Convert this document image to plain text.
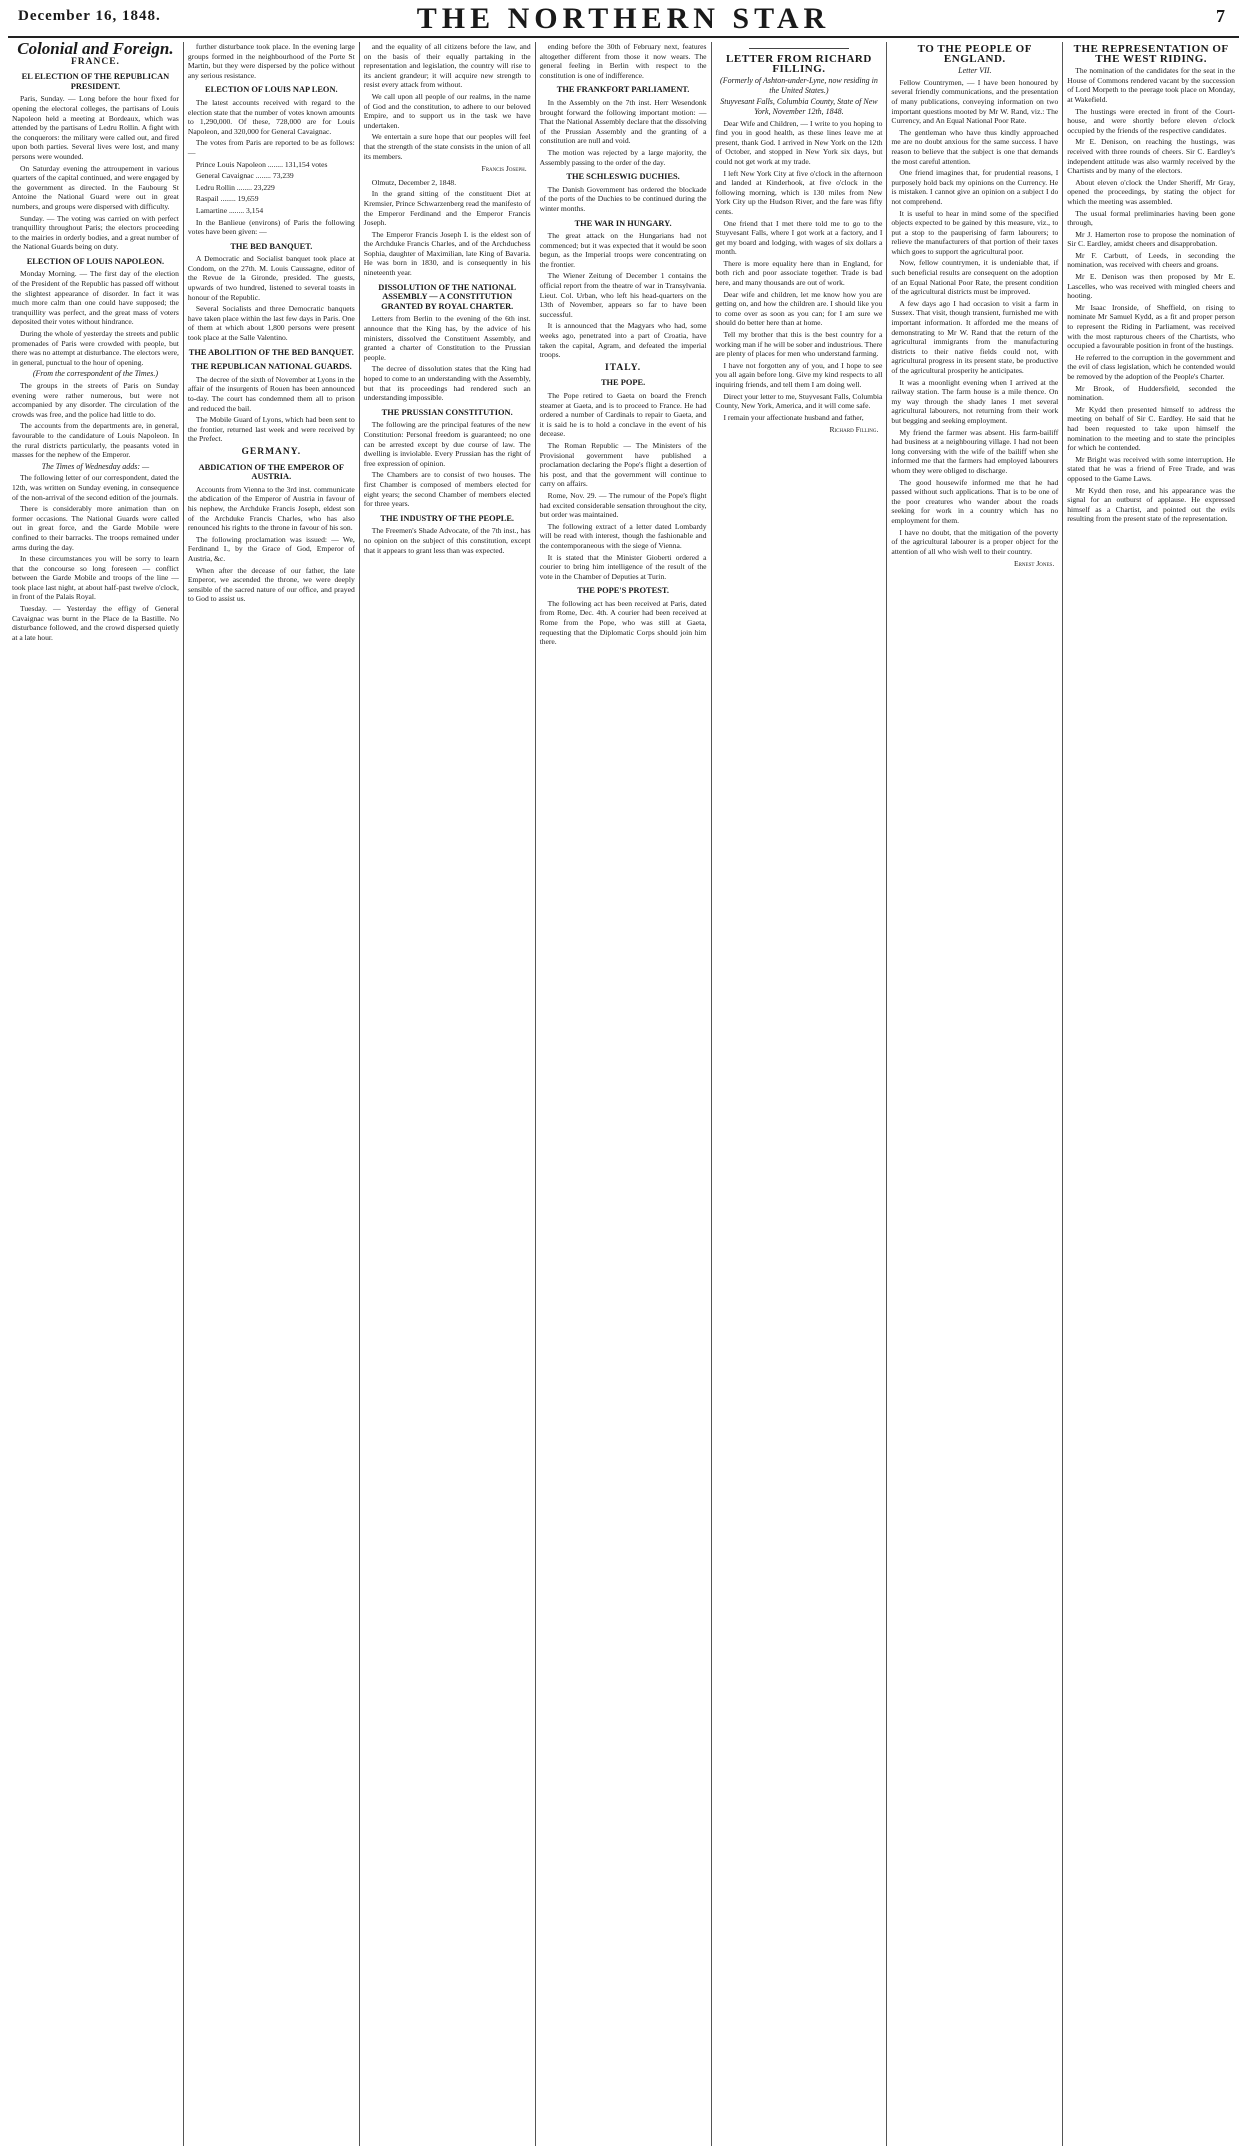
December 16, 1848.	THE NORTHERN STAR	7
Colonial and Foreign.
FRANCE.
EL ELECTION OF THE REPUBLICAN PRESIDENT.

Paris, Sunday. — Long before the hour fixed for opening the electoral colleges, the partisans of Louis Napoleon held a meeting at Bordeaux, which was attended by the partisans of Ledru Rollin. A fight with the conquerors: the military were called out, and fired upon both parties. Several lives were lost, and many persons were wounded.

On Saturday evening the attroupement in various quarters of the capital continued, and were engaged by the government as directed. In the Faubourg St Antoine the National Guard were out in great numbers, and groups were dispersed with difficulty.

Sunday. — The voting was carried on with perfect tranquillity throughout Paris; the electors proceeding to the mairies in orderly bodies, and a great number of the National Guards being on duty.

ELECTION OF LOUIS NAPOLEON.

Monday Morning. — The first day of the election of the President of the Republic has passed off without the slightest appearance of disorder. In fact it was much more calm than one could have supposed; the tranquillity was perfect, and the great mass of voters deposited their votes without hindrance.

During the whole of yesterday the streets and public promenades of Paris were crowded with people, but there was no attempt at disturbance. The electors were, in general, punctual to the hour of opening.

(From the correspondent of the Times.)

The groups in the streets of Paris on Sunday evening were rather numerous, but were not accompanied by any disorder. The circulation of the crowds was free, and the police had little to do.

The accounts from the departments are, in general, favourable to the candidature of Louis Napoleon. In the rural districts particularly, the peasants voted in masses for the nephew of the Emperor.

The Times of Wednesday adds: —

The following letter of our correspondent, dated the 12th, was written on Sunday evening, in consequence of the non-arrival of the second edition of the journals.

There is considerably more animation than on former occasions. The National Guards were called out in great force, and the Garde Mobile were confined to their barracks. The troops remained under arms during the day.

In these circumstances you will be sorry to learn that the concourse so long foreseen — conflict between the Garde Mobile and troops of the line — took place last night, at about half-past twelve o'clock, in front of the Palais Royal.

Tuesday. — Yesterday the effigy of General Cavaignac was burnt in the Place de la Bastille. No disturbance followed, and the crowd dispersed quietly at a late hour.

further disturbance took place. In the evening large groups formed in the neighbourhood of the Porte St Martin, but they were dispersed by the police without any serious resistance.

ELECTION OF LOUIS NAP LEON.

The latest accounts received with regard to the election state that the number of votes known amounts to 1,290,000. Of these, 728,000 are for Louis Napoleon, and 320,000 for General Cavaignac.

The votes from Paris are reported to be as follows: —

Prince Louis Napoleon ........ 131,154 votes

General Cavaignac ........ 73,239

Ledru Rollin ........ 23,229

Raspail ........ 19,659

Lamartine ........ 3,154

In the Banlieue (environs) of Paris the following votes have been given: —

THE BED BANQUET.

A Democratic and Socialist banquet took place at Condom, on the 27th. M. Louis Caussagne, editor of the Revue de la Gironde, presided. The guests, upwards of two hundred, listened to several toasts in honour of the Republic.

Several Socialists and three Democratic banquets have taken place within the last few days in Paris. One of them at which about 1,800 persons were present took place at the Salle Valentino.

THE ABOLITION OF THE BED BANQUET.
THE REPUBLICAN NATIONAL GUARDS.

The decree of the sixth of November at Lyons in the affair of the insurgents of Rouen has been announced to-day. The court has condemned them all to prison and reduced the bail.

The Mobile Guard of Lyons, which had been sent to the frontier, returned last week and were received by the Prefect.

GERMANY.
ABDICATION OF THE EMPEROR OF AUSTRIA.

Accounts from Vienna to the 3rd inst. communicate the abdication of the Emperor of Austria in favour of his nephew, the Archduke Francis Joseph, eldest son of the Archduke Francis Charles, who has also renounced his rights to the throne in favour of his son.

The following proclamation was issued: — We, Ferdinand I., by the Grace of God, Emperor of Austria, &c.

When after the decease of our father, the late Emperor, we ascended the throne, we were deeply sensible of the sacred nature of our office, and prayed to God to assist us.

and the equality of all citizens before the law, and on the basis of their equally partaking in the representation and legislation, the country will rise to its ancient grandeur; it will acquire new strength to resist every attack from without.

We call upon all people of our realms, in the name of God and the constitution, to adhere to our beloved Empire, and to support us in the task we have undertaken.

We entertain a sure hope that our peoples will feel that the strength of the state consists in the union of all its members.

Francis Joseph.

Olmutz, December 2, 1848.

In the grand sitting of the constituent Diet at Kremsier, Prince Schwarzenberg read the manifesto of the Emperor Ferdinand and the Emperor Francis Joseph.

The Emperor Francis Joseph I. is the eldest son of the Archduke Francis Charles, and of the Archduchess Sophia, daughter of Maximilian, late King of Bavaria. He was born in 1830, and is consequently in his nineteenth year.

DISSOLUTION OF THE NATIONAL ASSEMBLY — A CONSTITUTION GRANTED BY ROYAL CHARTER.

Letters from Berlin to the evening of the 6th inst. announce that the King has, by the advice of his ministers, dissolved the Constituent Assembly, and granted a charter of Constitution to the Prussian people.

The decree of dissolution states that the King had hoped to come to an understanding with the Assembly, but that its proceedings had rendered such an understanding impossible.

THE PRUSSIAN CONSTITUTION.

The following are the principal features of the new Constitution: Personal freedom is guaranteed; no one can be arrested except by due course of law. The dwelling is inviolable. Every Prussian has the right of free expression of opinion.

The Chambers are to consist of two houses. The first Chamber is composed of members elected for eight years; the second Chamber of members elected for three years.

THE INDUSTRY OF THE PEOPLE.

The Freemen's Shade Advocate, of the 7th inst., has no opinion on the subject of this constitution, except that it appears to grant less than was expected.

ending before the 30th of February next, features altogether different from those it now wears. The general feeling in Berlin with respect to the constitution is one of indifference.

THE FRANKFORT PARLIAMENT.

In the Assembly on the 7th inst. Herr Wesendonk brought forward the following important motion: — That the National Assembly declare that the dissolving of the Prussian Assembly and the granting of a constitution are null and void.

The motion was rejected by a large majority, the Assembly passing to the order of the day.

THE SCHLESWIG DUCHIES.

The Danish Government has ordered the blockade of the ports of the Duchies to be continued during the winter months.

THE WAR IN HUNGARY.

The great attack on the Hungarians had not commenced; but it was expected that it would be soon begun, as the Imperial troops were concentrating on the frontier.

The Wiener Zeitung of December 1 contains the official report from the theatre of war in Transylvania. Lieut. Col. Urban, who left his head-quarters on the 13th of November, appears so far to have been successful.

It is announced that the Magyars who had, some weeks ago, penetrated into a part of Croatia, have taken the capital, Agram, and defeated the imperial troops.

ITALY.
THE POPE.

The Pope retired to Gaeta on board the French steamer at Gaeta, and is to proceed to France. He had ordered a number of Cardinals to repair to Gaeta, and it is said he is to hold a conclave in the event of his decease.

The Roman Republic — The Ministers of the Provisional government have published a proclamation declaring the Pope's flight a desertion of his post, and that the government will continue to carry on affairs.

Rome, Nov. 29. — The rumour of the Pope's flight had excited considerable sensation throughout the city, but order was maintained.

The following extract of a letter dated Lombardy will be read with interest, though the fashionable and the contemporaneous with the siege of Vienna.

It is stated that the Minister Gioberti ordered a courier to bring him intelligence of the result of the vote in the Chamber of Deputies at Turin.

THE POPE'S PROTEST.

The following act has been received at Paris, dated from Rome, Dec. 4th. A courier had been received at Rome from the Pope, who was still at Gaeta, requesting that the Diplomatic Corps should join him there.

LETTER FROM RICHARD FILLING.
(Formerly of Ashton-under-Lyne, now residing in the United States.)
Stuyvesant Falls, Columbia County, State of New York, November 12th, 1848.

Dear Wife and Children, — I write to you hoping to find you in good health, as these lines leave me at present, thank God. I arrived in New York on the 12th of October, and stopped in New York six days, but could not get work at my trade.

I left New York City at five o'clock in the afternoon and landed at Kinderhook, at five o'clock in the following morning, which is 130 miles from New York City up the Hudson River, and the fare was fifty cents.

One friend that I met there told me to go to the Stuyvesant Falls, where I got work at a factory, and I get my board and lodging, with wages of six dollars a month.

There is more equality here than in England, for both rich and poor associate together. Trade is bad here, and many thousands are out of work.

Dear wife and children, let me know how you are getting on, and how the children are. I should like you to come over as soon as you can; for I am sure we should do better here than at home.

Tell my brother that this is the best country for a working man if he will be sober and industrious. There are plenty of places for men who understand farming.

I have not forgotten any of you, and I hope to see you all again before long. Give my kind respects to all inquiring friends, and tell them I am doing well.

Direct your letter to me, Stuyvesant Falls, Columbia County, New York, America, and it will come safe.

I remain your affectionate husband and father,

Richard Filling.
TO THE PEOPLE OF ENGLAND.
Letter VII.

Fellow Countrymen, — I have been honoured by several friendly communications, and the presentation of many publications, conveying information on two important questions mooted by Mr W. Rand, viz.: The Currency, and An Equal National Poor Rate.

The gentleman who have thus kindly approached me are no doubt anxious for the same success. I have reason to believe that the subject is one that demands the most careful attention.

One friend imagines that, for prudential reasons, I purposely hold back my opinions on the Currency. He is mistaken. I cannot give an opinion on a subject I do not comprehend.

It is useful to hear in mind some of the specified objects expected to be gained by this measure, viz., to put a stop to the pauperising of farm labourers; to relieve the manufacturers of that portion of their taxes which goes to support the agricultural poor.

Now, fellow countrymen, it is undeniable that, if such beneficial results are consequent on the adoption of an Equal National Poor Rate, the present condition of the agricultural districts must be improved.

A few days ago I had occasion to visit a farm in Sussex. That visit, though transient, furnished me with important information. It afforded me the means of demonstrating to Mr W. Rand that the return of the agricultural immigrants from the manufacturing districts to their native fields could not, with agricultural progress in its present state, be productive of the agricultural prosperity he anticipates.

It was a moonlight evening when I arrived at the railway station. The farm house is a mile thence. On my way through the shady lanes I met several agricultural labourers, not returning from their work but begging and seeking employment.

My friend the farmer was absent. His farm-bailiff had business at a neighbouring village. I had not been long conversing with the wife of the bailiff when she informed me that the farmers had employed labourers whom they were obliged to discharge.

The good housewife informed me that he had passed without such applications. That is to be one of the poor creatures who wander about the roads seeking for work in a country which has no employment for them.

I have no doubt, that the mitigation of the poverty of the agricultural labourer is a proper object for the attention of all who wish well to their country.

Ernest Jones.
THE REPRESENTATION OF THE WEST RIDING.

The nomination of the candidates for the seat in the House of Commons rendered vacant by the succession of Lord Morpeth to the peerage took place on Monday, at Wakefield.

The hustings were erected in front of the Court-house, and were shortly before eleven o'clock occupied by the friends of the respective candidates.

Mr E. Denison, on reaching the hustings, was received with three rounds of cheers. Sir C. Eardley's independent attitude was also warmly received by the Chartists and by many of the electors.

About eleven o'clock the Under Sheriff, Mr Gray, opened the proceedings, by stating the object for which the meeting was assembled.

The usual formal preliminaries having been gone through,

Mr J. Hamerton rose to propose the nomination of Sir C. Eardley, amidst cheers and disapprobation.

Mr F. Carbutt, of Leeds, in seconding the nomination, was received with cheers and groans.

Mr E. Denison was then proposed by Mr E. Lascelles, who was received with mingled cheers and hooting.

Mr Isaac Ironside, of Sheffield, on rising to nominate Mr Samuel Kydd, as a fit and proper person to represent the Riding in Parliament, was received with the most rapturous cheers of the Chartists, who occupied a favourable position in front of the hustings.

He referred to the corruption in the government and the evil of class legislation, which he contended would be removed by the adoption of the People's Charter.

Mr Brook, of Huddersfield, seconded the nomination.

Mr Kydd then presented himself to address the meeting on behalf of Sir C. Eardley. He said that he had been requested to take upon himself the nomination to the meeting and to state the principles for which he contended.

Mr Bright was received with some interruption. He stated that he was a friend of Free Trade, and was opposed to the Game Laws.

Mr Kydd then rose, and his appearance was the signal for an outburst of applause. He expressed himself as a Chartist, and pointed out the evils resulting from the present state of the representation.
